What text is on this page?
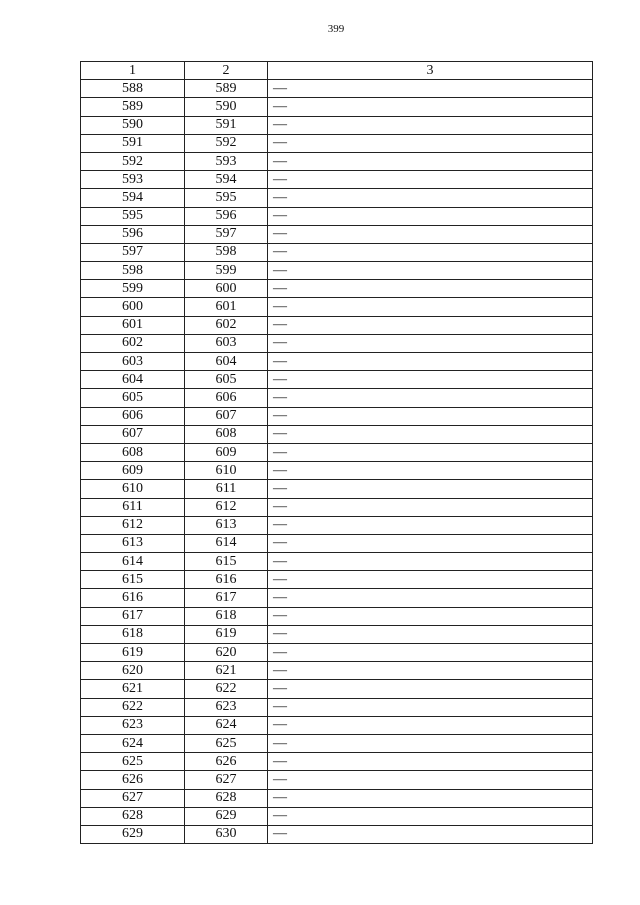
399
1	2	3
588	589	—
589	590	—
590	591	—
591	592	—
592	593	—
593	594	—
594	595	—
595	596	—
596	597	—
597	598	—
598	599	—
599	600	—
600	601	—
601	602	—
602	603	—
603	604	—
604	605	—
605	606	—
606	607	—
607	608	—
608	609	—
609	610	—
610	611	—
611	612	—
612	613	—
613	614	—
614	615	—
615	616	—
616	617	—
617	618	—
618	619	—
619	620	—
620	621	—
621	622	—
622	623	—
623	624	—
624	625	—
625	626	—
626	627	—
627	628	—
628	629	—
629	630	—
